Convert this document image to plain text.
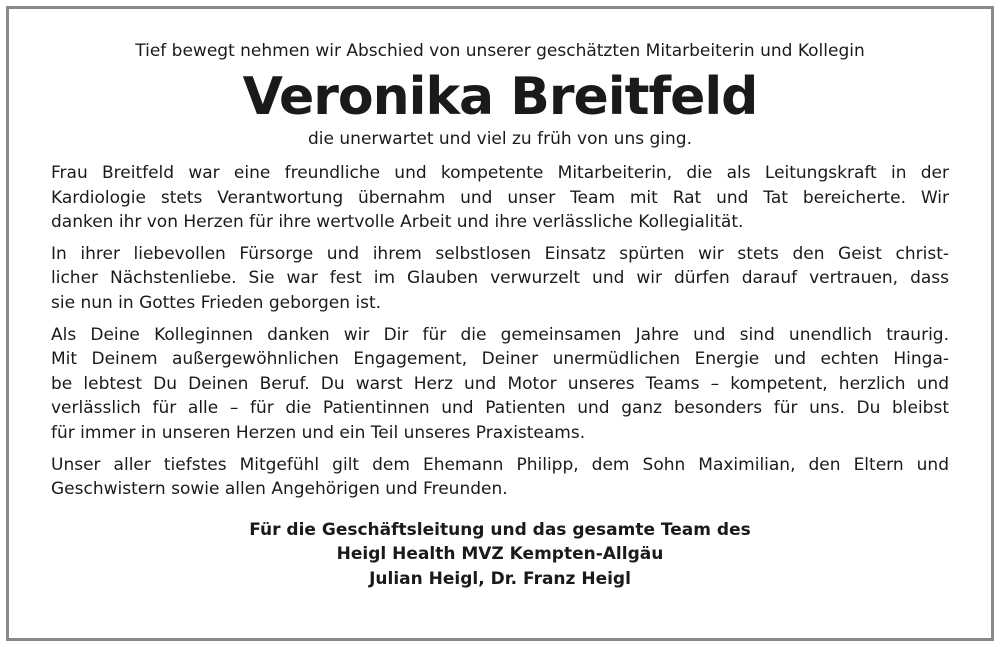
Tief bewegt nehmen wir Abschied von unserer geschätzten Mitarbeiterin und Kollegin

Veronika Breitfeld

die unerwartet und viel zu früh von uns ging.

Frau Breitfeld war eine freundliche und kompetente Mitarbeiterin, die als Leitungskraft in der
Kardiologie stets Verantwortung übernahm und unser Team mit Rat und Tat bereicherte. Wir
danken ihr von Herzen für ihre wertvolle Arbeit und ihre verlässliche Kollegialität.

In ihrer liebevollen Fürsorge und ihrem selbstlosen Einsatz spürten wir stets den Geist christ-
licher Nächstenliebe. Sie war fest im Glauben verwurzelt und wir dürfen darauf vertrauen, dass
sie nun in Gottes Frieden geborgen ist.

Als Deine Kolleginnen danken wir Dir für die gemeinsamen Jahre und sind unendlich traurig.
Mit Deinem außergewöhnlichen Engagement, Deiner unermüdlichen Energie und echten Hinga-
be lebtest Du Deinen Beruf. Du warst Herz und Motor unseres Teams – kompetent, herzlich und
verlässlich für alle – für die Patientinnen und Patienten und ganz besonders für uns. Du bleibst
für immer in unseren Herzen und ein Teil unseres Praxisteams.

Unser aller tiefstes Mitgefühl gilt dem Ehemann Philipp, dem Sohn Maximilian, den Eltern und
Geschwistern sowie allen Angehörigen und Freunden.

Für die Geschäftsleitung und das gesamte Team des
Heigl Health MVZ Kempten-Allgäu
Julian Heigl, Dr. Franz Heigl
